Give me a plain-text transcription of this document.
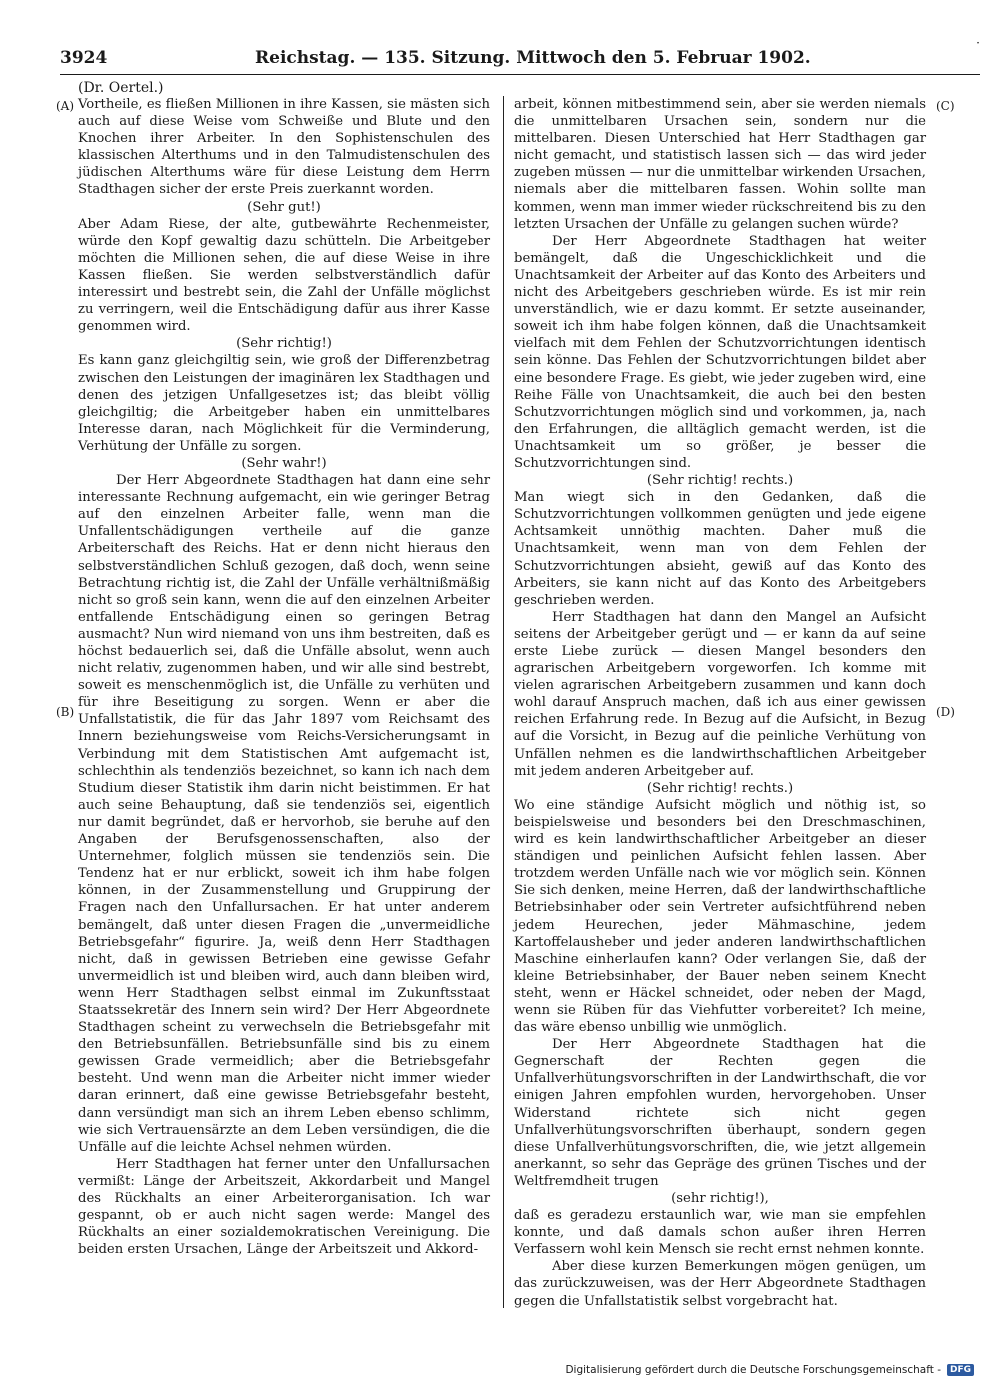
3924	Reichstag. — 135. Sitzung. Mittwoch den 5. Februar 1902.
·
(Dr. Oertel.)
(A)
(B)
(C)
(D)

Vortheile, es fließen Millionen in ihre Kassen, sie mästen sich auch auf diese Weise vom Schweiße und Blute und den Knochen ihrer Arbeiter. In den Sophistenschulen des klassischen Alterthums und in den Talmudistenschulen des jüdischen Alterthums wäre für diese Leistung dem Herrn Stadthagen sicher der erste Preis zuerkannt worden.

(Sehr gut!)

Aber Adam Riese, der alte, gutbewährte Rechenmeister, würde den Kopf gewaltig dazu schütteln. Die Arbeitgeber möchten die Millionen sehen, die auf diese Weise in ihre Kassen fließen. Sie werden selbstverständlich dafür interessirt und bestrebt sein, die Zahl der Unfälle möglichst zu verringern, weil die Entschädigung dafür aus ihrer Kasse genommen wird.

(Sehr richtig!)

Es kann ganz gleichgiltig sein, wie groß der Differenzbetrag zwischen den Leistungen der imaginären lex Stadthagen und denen des jetzigen Unfallgesetzes ist; das bleibt völlig gleichgiltig; die Arbeitgeber haben ein unmittelbares Interesse daran, nach Möglichkeit für die Verminderung, Verhütung der Unfälle zu sorgen.

(Sehr wahr!)

Der Herr Abgeordnete Stadthagen hat dann eine sehr interessante Rechnung aufgemacht, ein wie geringer Betrag auf den einzelnen Arbeiter falle, wenn man die Unfallentschädigungen vertheile auf die ganze Arbeiterschaft des Reichs. Hat er denn nicht hieraus den selbstverständlichen Schluß gezogen, daß doch, wenn seine Betrachtung richtig ist, die Zahl der Unfälle verhältnißmäßig nicht so groß sein kann, wenn die auf den einzelnen Arbeiter entfallende Entschädigung einen so geringen Betrag ausmacht? Nun wird niemand von uns ihm bestreiten, daß es höchst bedauerlich sei, daß die Unfälle absolut, wenn auch nicht relativ, zugenommen haben, und wir alle sind bestrebt, soweit es menschenmöglich ist, die Unfälle zu verhüten und für ihre Beseitigung zu sorgen. Wenn er aber die Unfallstatistik, die für das Jahr 1897 vom Reichsamt des Innern beziehungsweise vom Reichs-Versicherungsamt in Verbindung mit dem Statistischen Amt aufgemacht ist, schlechthin als tendenziös bezeichnet, so kann ich nach dem Studium dieser Statistik ihm darin nicht beistimmen. Er hat auch seine Behauptung, daß sie tendenziös sei, eigentlich nur damit begründet, daß er hervorhob, sie beruhe auf den Angaben der Berufsgenossenschaften, also der Unternehmer, folglich müssen sie tendenziös sein. Die Tendenz hat er nur erblickt, soweit ich ihm habe folgen können, in der Zusammenstellung und Gruppirung der Fragen nach den Unfallursachen. Er hat unter anderem bemängelt, daß unter diesen Fragen die „unvermeidliche Betriebsgefahr“ figurire. Ja, weiß denn Herr Stadthagen nicht, daß in gewissen Betrieben eine gewisse Gefahr unvermeidlich ist und bleiben wird, auch dann bleiben wird, wenn Herr Stadthagen selbst einmal im Zukunftsstaat Staatssekretär des Innern sein wird? Der Herr Abgeordnete Stadthagen scheint zu verwechseln die Betriebsgefahr mit den Betriebsunfällen. Betriebsunfälle sind bis zu einem gewissen Grade vermeidlich; aber die Betriebsgefahr besteht. Und wenn man die Arbeiter nicht immer wieder daran erinnert, daß eine gewisse Betriebsgefahr besteht, dann versündigt man sich an ihrem Leben ebenso schlimm, wie sich Vertrauensärzte an dem Leben versündigen, die die Unfälle auf die leichte Achsel nehmen würden.

Herr Stadthagen hat ferner unter den Unfallursachen vermißt: Länge der Arbeitszeit, Akkordarbeit und Mangel des Rückhalts an einer Arbeiterorganisation. Ich war gespannt, ob er auch nicht sagen werde: Mangel des Rückhalts an einer sozialdemokratischen Vereinigung. Die beiden ersten Ursachen, Länge der Arbeitszeit und Akkord-

arbeit, können mitbestimmend sein, aber sie werden niemals die unmittelbaren Ursachen sein, sondern nur die mittelbaren. Diesen Unterschied hat Herr Stadthagen gar nicht gemacht, und statistisch lassen sich — das wird jeder zugeben müssen — nur die unmittelbar wirkenden Ursachen, niemals aber die mittelbaren fassen. Wohin sollte man kommen, wenn man immer wieder rückschreitend bis zu den letzten Ursachen der Unfälle zu gelangen suchen würde?

Der Herr Abgeordnete Stadthagen hat weiter bemängelt, daß die Ungeschicklichkeit und die Unachtsamkeit der Arbeiter auf das Konto des Arbeiters und nicht des Arbeitgebers geschrieben würde. Es ist mir rein unverständlich, wie er dazu kommt. Er setzte auseinander, soweit ich ihm habe folgen können, daß die Unachtsamkeit vielfach mit dem Fehlen der Schutzvorrichtungen identisch sein könne. Das Fehlen der Schutzvorrichtungen bildet aber eine besondere Frage. Es giebt, wie jeder zugeben wird, eine Reihe Fälle von Unachtsamkeit, die auch bei den besten Schutzvorrichtungen möglich sind und vorkommen, ja, nach den Erfahrungen, die alltäglich gemacht werden, ist die Unachtsamkeit um so größer, je besser die Schutzvorrichtungen sind.

(Sehr richtig! rechts.)

Man wiegt sich in den Gedanken, daß die Schutzvorrichtungen vollkommen genügten und jede eigene Achtsamkeit unnöthig machten. Daher muß die Unachtsamkeit, wenn man von dem Fehlen der Schutzvorrichtungen absieht, gewiß auf das Konto des Arbeiters, sie kann nicht auf das Konto des Arbeitgebers geschrieben werden.

Herr Stadthagen hat dann den Mangel an Aufsicht seitens der Arbeitgeber gerügt und — er kann da auf seine erste Liebe zurück — diesen Mangel besonders den agrarischen Arbeitgebern vorgeworfen. Ich komme mit vielen agrarischen Arbeitgebern zusammen und kann doch wohl darauf Anspruch machen, daß ich aus einer gewissen reichen Erfahrung rede. In Bezug auf die Aufsicht, in Bezug auf die Vorsicht, in Bezug auf die peinliche Verhütung von Unfällen nehmen es die landwirthschaftlichen Arbeitgeber mit jedem anderen Arbeitgeber auf.

(Sehr richtig! rechts.)

Wo eine ständige Aufsicht möglich und nöthig ist, so beispielsweise und besonders bei den Dreschmaschinen, wird es kein landwirthschaftlicher Arbeitgeber an dieser ständigen und peinlichen Aufsicht fehlen lassen. Aber trotzdem werden Unfälle nach wie vor möglich sein. Können Sie sich denken, meine Herren, daß der landwirthschaftliche Betriebsinhaber oder sein Vertreter aufsichtführend neben jedem Heurechen, jeder Mähmaschine, jedem Kartoffelausheber und jeder anderen landwirthschaftlichen Maschine einherlaufen kann? Oder verlangen Sie, daß der kleine Betriebsinhaber, der Bauer neben seinem Knecht steht, wenn er Häckel schneidet, oder neben der Magd, wenn sie Rüben für das Viehfutter vorbereitet? Ich meine, das wäre ebenso unbillig wie unmöglich.

Der Herr Abgeordnete Stadthagen hat die Gegnerschaft der Rechten gegen die Unfallverhütungsvorschriften in der Landwirthschaft, die vor einigen Jahren empfohlen wurden, hervorgehoben. Unser Widerstand richtete sich nicht gegen Unfallverhütungsvorschriften überhaupt, sondern gegen diese Unfallverhütungsvorschriften, die, wie jetzt allgemein anerkannt, so sehr das Gepräge des grünen Tisches und der Weltfremdheit trugen

(sehr richtig!),

daß es geradezu erstaunlich war, wie man sie empfehlen konnte, und daß damals schon außer ihren Herren Verfassern wohl kein Mensch sie recht ernst nehmen konnte.

Aber diese kurzen Bemerkungen mögen genügen, um das zurückzuweisen, was der Herr Abgeordnete Stadthagen gegen die Unfallstatistik selbst vorgebracht hat.

Digitalisierung gefördert durch die Deutsche Forschungsgemeinschaft -	DFG
